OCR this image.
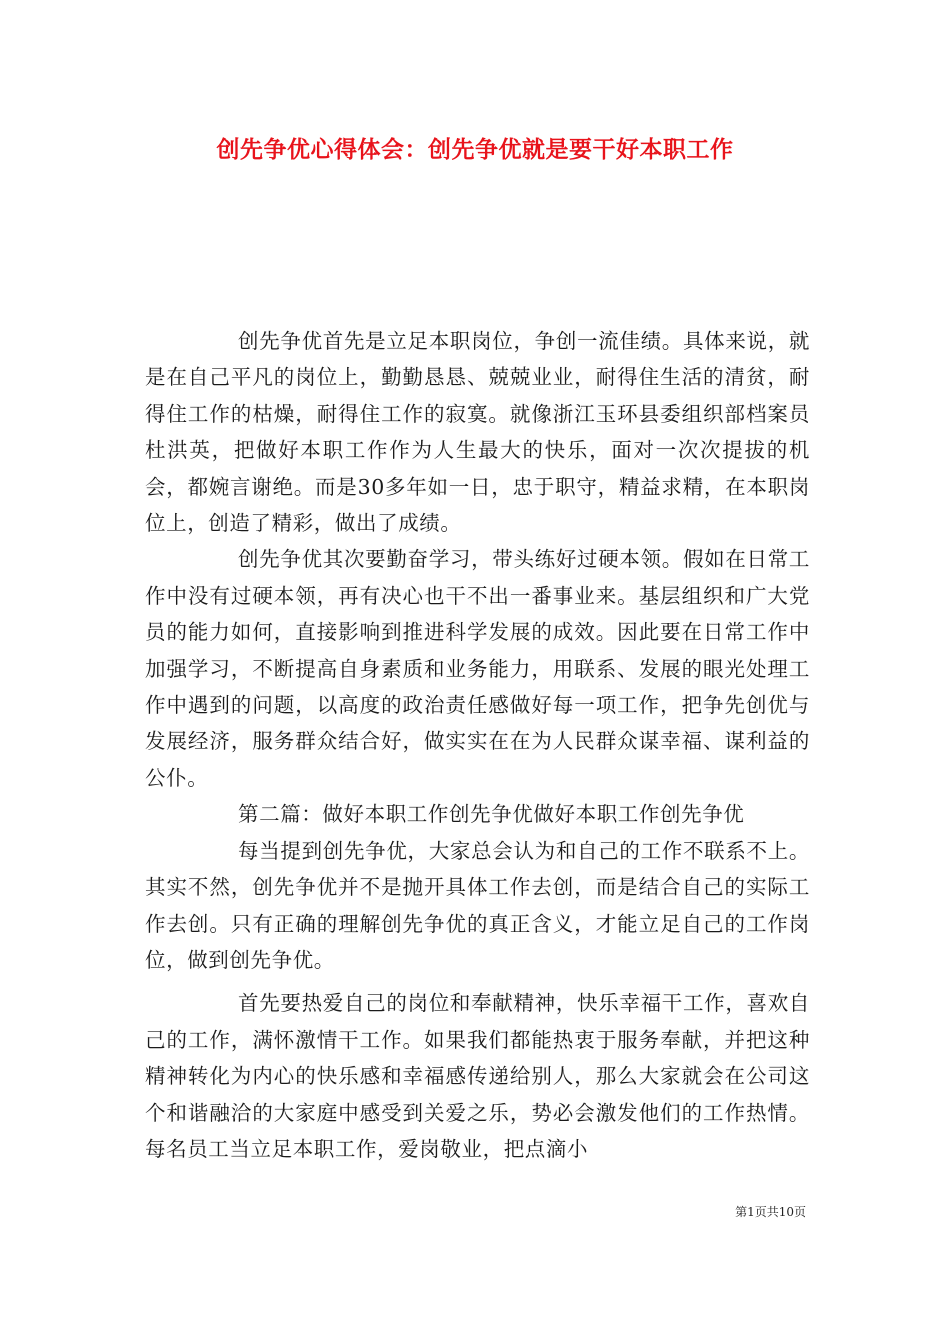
创先争优心得体会：创先争优就是要干好本职工作

创先争优首先是立足本职岗位，争创一流佳绩。具体来说，就是在自己平凡的岗位上，勤勤恳恳、兢兢业业，耐得住生活的清贫，耐得住工作的枯燥，耐得住工作的寂寞。就像浙江玉环县委组织部档案员杜洪英，把做好本职工作作为人生最大的快乐，面对一次次提拔的机会，都婉言谢绝。而是30多年如一日，忠于职守，精益求精，在本职岗位上，创造了精彩，做出了成绩。

创先争优其次要勤奋学习，带头练好过硬本领。假如在日常工作中没有过硬本领，再有决心也干不出一番事业来。基层组织和广大党员的能力如何，直接影响到推进科学发展的成效。因此要在日常工作中加强学习，不断提高自身素质和业务能力，用联系、发展的眼光处理工作中遇到的问题，以高度的政治责任感做好每一项工作，把争先创优与发展经济，服务群众结合好，做实实在在为人民群众谋幸福、谋利益的公仆。

第二篇：做好本职工作创先争优做好本职工作创先争优

每当提到创先争优，大家总会认为和自己的工作不联系不上。其实不然，创先争优并不是抛开具体工作去创，而是结合自己的实际工作去创。只有正确的理解创先争优的真正含义，才能立足自己的工作岗位，做到创先争优。

首先要热爱自己的岗位和奉献精神，快乐幸福干工作，喜欢自己的工作，满怀激情干工作。如果我们都能热衷于服务奉献，并把这种精神转化为内心的快乐感和幸福感传递给别人，那么大家就会在公司这个和谐融洽的大家庭中感受到关爱之乐，势必会激发他们的工作热情。每名员工当立足本职工作，爱岗敬业，把点滴小

第1页共10页
